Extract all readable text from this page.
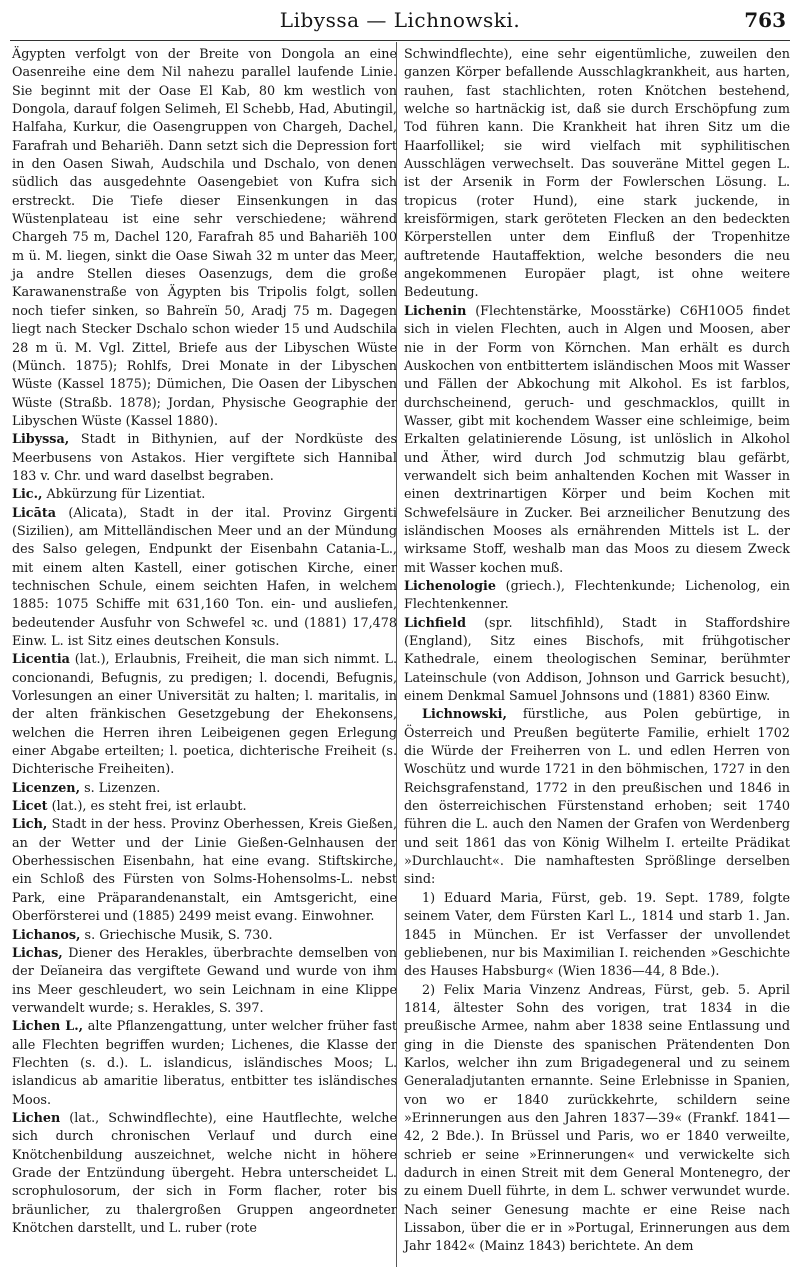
Libyssa — Lichnowski.	763

Ägypten verfolgt von der Breite von Dongola an eine Oasenreihe eine dem Nil nahezu parallel laufende Linie. Sie beginnt mit der Oase El Kab, 80 km westlich von Dongola, darauf folgen Selimeh, El Schebb, Had, Abutingil, Halfaha, Kurkur, die Oasengruppen von Chargeh, Dachel, Farafrah und Behariëh. Dann setzt sich die Depression fort in den Oasen Siwah, Audschila und Dschalo, von denen südlich das ausgedehnte Oasengebiet von Kufra sich erstreckt. Die Tiefe dieser Einsenkungen in das Wüstenplateau ist eine sehr verschiedene; während Chargeh 75 m, Dachel 120, Farafrah 85 und Bahariëh 100 m ü. M. liegen, sinkt die Oase Siwah 32 m unter das Meer, ja andre Stellen dieses Oasenzugs, dem die große Karawanenstraße von Ägypten bis Tripolis folgt, sollen noch tiefer sinken, so Bahreïn 50, Aradj 75 m. Dagegen liegt nach Stecker Dschalo schon wieder 15 und Audschila 28 m ü. M. Vgl. Zittel, Briefe aus der Libyschen Wüste (Münch. 1875); Rohlfs, Drei Monate in der Libyschen Wüste (Kassel 1875); Dümichen, Die Oasen der Libyschen Wüste (Straßb. 1878); Jordan, Physische Geographie der Libyschen Wüste (Kassel 1880).

Libyssa, Stadt in Bithynien, auf der Nordküste des Meerbusens von Astakos. Hier vergiftete sich Hannibal 183 v. Chr. und ward daselbst begraben.

Lic., Abkürzung für Lizentiat.

Licāta (Alicata), Stadt in der ital. Provinz Girgenti (Sizilien), am Mittelländischen Meer und an der Mündung des Salso gelegen, Endpunkt der Eisenbahn Catania-L., mit einem alten Kastell, einer gotischen Kirche, einer technischen Schule, einem seichten Hafen, in welchem 1885: 1075 Schiffe mit 631,160 Ton. ein- und ausliefen, bedeutender Ausfuhr von Schwefel ꝛc. und (1881) 17,478 Einw. L. ist Sitz eines deutschen Konsuls.

Licentia (lat.), Erlaubnis, Freiheit, die man sich nimmt. L. concionandi, Befugnis, zu predigen; l. docendi, Befugnis, Vorlesungen an einer Universität zu halten; l. maritalis, in der alten fränkischen Gesetzgebung der Ehekonsens, welchen die Herren ihren Leibeigenen gegen Erlegung einer Abgabe erteilten; l. poetica, dichterische Freiheit (s. Dichterische Freiheiten).

Licenzen, s. Lizenzen.

Licet (lat.), es steht frei, ist erlaubt.

Lich, Stadt in der hess. Provinz Oberhessen, Kreis Gießen, an der Wetter und der Linie Gießen-Gelnhausen der Oberhessischen Eisenbahn, hat eine evang. Stiftskirche, ein Schloß des Fürsten von Solms-Hohensolms-L. nebst Park, eine Präparandenanstalt, ein Amtsgericht, eine Oberförsterei und (1885) 2499 meist evang. Einwohner.

Lichanos, s. Griechische Musik, S. 730.

Lichas, Diener des Herakles, überbrachte demselben von der Deïaneira das vergiftete Gewand und wurde von ihm ins Meer geschleudert, wo sein Leichnam in eine Klippe verwandelt wurde; s. Herakles, S. 397.

Lichen L., alte Pflanzengattung, unter welcher früher fast alle Flechten begriffen wurden; Lichenes, die Klasse der Flechten (s. d.). L. islandicus, isländisches Moos; L. islandicus ab amaritie liberatus, entbitter tes isländisches Moos.

Lichen (lat., Schwindflechte), eine Hautflechte, welche sich durch chronischen Verlauf und durch eine Knötchenbildung auszeichnet, welche nicht in höhere Grade der Entzündung übergeht. Hebra unterscheidet L. scrophulosorum, der sich in Form flacher, roter bis bräunlicher, zu thalergroßen Gruppen angeordneter Knötchen darstellt, und L. ruber (rote

Schwindflechte), eine sehr eigentümliche, zuweilen den ganzen Körper befallende Ausschlagkrankheit, aus harten, rauhen, fast stachlichten, roten Knötchen bestehend, welche so hartnäckig ist, daß sie durch Erschöpfung zum Tod führen kann. Die Krankheit hat ihren Sitz um die Haarfollikel; sie wird vielfach mit syphilitischen Ausschlägen verwechselt. Das souveräne Mittel gegen L. ist der Arsenik in Form der Fowlerschen Lösung. L. tropicus (roter Hund), eine stark juckende, in kreisförmigen, stark geröteten Flecken an den bedeckten Körperstellen unter dem Einfluß der Tropenhitze auftretende Hautaffektion, welche besonders die neu angekommenen Europäer plagt, ist ohne weitere Bedeutung.

Lichenin (Flechtenstärke, Moosstärke) C6H10O5 findet sich in vielen Flechten, auch in Algen und Moosen, aber nie in der Form von Körnchen. Man erhält es durch Auskochen von entbittertem isländischen Moos mit Wasser und Fällen der Abkochung mit Alkohol. Es ist farblos, durchscheinend, geruch- und geschmacklos, quillt in Wasser, gibt mit kochendem Wasser eine schleimige, beim Erkalten gelatinierende Lösung, ist unlöslich in Alkohol und Äther, wird durch Jod schmutzig blau gefärbt, verwandelt sich beim anhaltenden Kochen mit Wasser in einen dextrinartigen Körper und beim Kochen mit Schwefelsäure in Zucker. Bei arzneilicher Benutzung des isländischen Mooses als ernährenden Mittels ist L. der wirksame Stoff, weshalb man das Moos zu diesem Zweck mit Wasser kochen muß.

Lichenologie (griech.), Flechtenkunde; Lichenolog, ein Flechtenkenner.

Lichfield (spr. litschfihld), Stadt in Staffordshire (England), Sitz eines Bischofs, mit frühgotischer Kathedrale, einem theologischen Seminar, berühmter Lateinschule (von Addison, Johnson und Garrick besucht), einem Denkmal Samuel Johnsons und (1881) 8360 Einw.

Lichnowski, fürstliche, aus Polen gebürtige, in Österreich und Preußen begüterte Familie, erhielt 1702 die Würde der Freiherren von L. und edlen Herren von Woschütz und wurde 1721 in den böhmischen, 1727 in den Reichsgrafenstand, 1772 in den preußischen und 1846 in den österreichischen Fürstenstand erhoben; seit 1740 führen die L. auch den Namen der Grafen von Werdenberg und seit 1861 das von König Wilhelm I. erteilte Prädikat »Durchlaucht«. Die namhaftesten Sprößlinge derselben sind:

1) Eduard Maria, Fürst, geb. 19. Sept. 1789, folgte seinem Vater, dem Fürsten Karl L., 1814 und starb 1. Jan. 1845 in München. Er ist Verfasser der unvollendet gebliebenen, nur bis Maximilian I. reichenden »Geschichte des Hauses Habsburg« (Wien 1836—44, 8 Bde.).

2) Felix Maria Vinzenz Andreas, Fürst, geb. 5. April 1814, ältester Sohn des vorigen, trat 1834 in die preußische Armee, nahm aber 1838 seine Entlassung und ging in die Dienste des spanischen Prätendenten Don Karlos, welcher ihn zum Brigadegeneral und zu seinem Generaladjutanten ernannte. Seine Erlebnisse in Spanien, von wo er 1840 zurückkehrte, schildern seine »Erinnerungen aus den Jahren 1837—39« (Frankf. 1841—42, 2 Bde.). In Brüssel und Paris, wo er 1840 verweilte, schrieb er seine »Erinnerungen« und verwickelte sich dadurch in einen Streit mit dem General Montenegro, der zu einem Duell führte, in dem L. schwer verwundet wurde. Nach seiner Genesung machte er eine Reise nach Lissabon, über die er in »Portugal, Erinnerungen aus dem Jahr 1842« (Mainz 1843) berichtete. An dem
